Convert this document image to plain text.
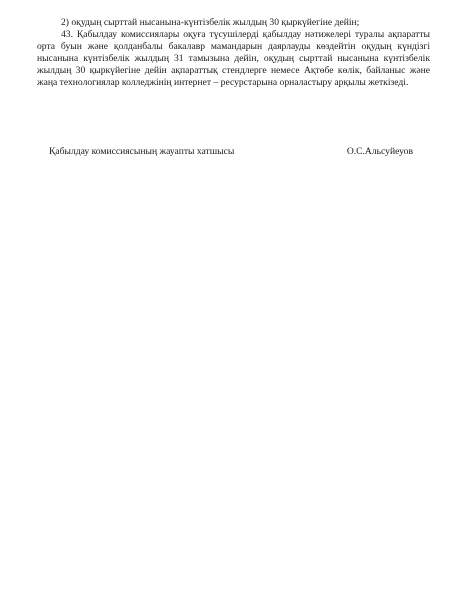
2) оқудың сырттай нысанына-күнтізбелік жылдың 30 қыркүйегіне дейін;

43. Қабылдау комиссиялары оқуға түсушілерді қабылдау нәтижелері туралы ақпаратты орта буын және қолданбалы бакалавр мамандарын даярлауды көздейтін оқудың күндізгі нысанына күнтізбелік жылдың 31 тамызына дейін, оқудың сырттай нысанына күнтізбелік жылдың 30 қыркүйегіне дейін ақпараттық стендлерге немесе Ақтөбе көлік, байланыс және жаңа технологиялар колледжінің интернет – ресурстарына орналастыру арқылы жеткізеді.

Қабылдау комиссиясының жауапты хатшысы	О.С.Альсуйеуов
